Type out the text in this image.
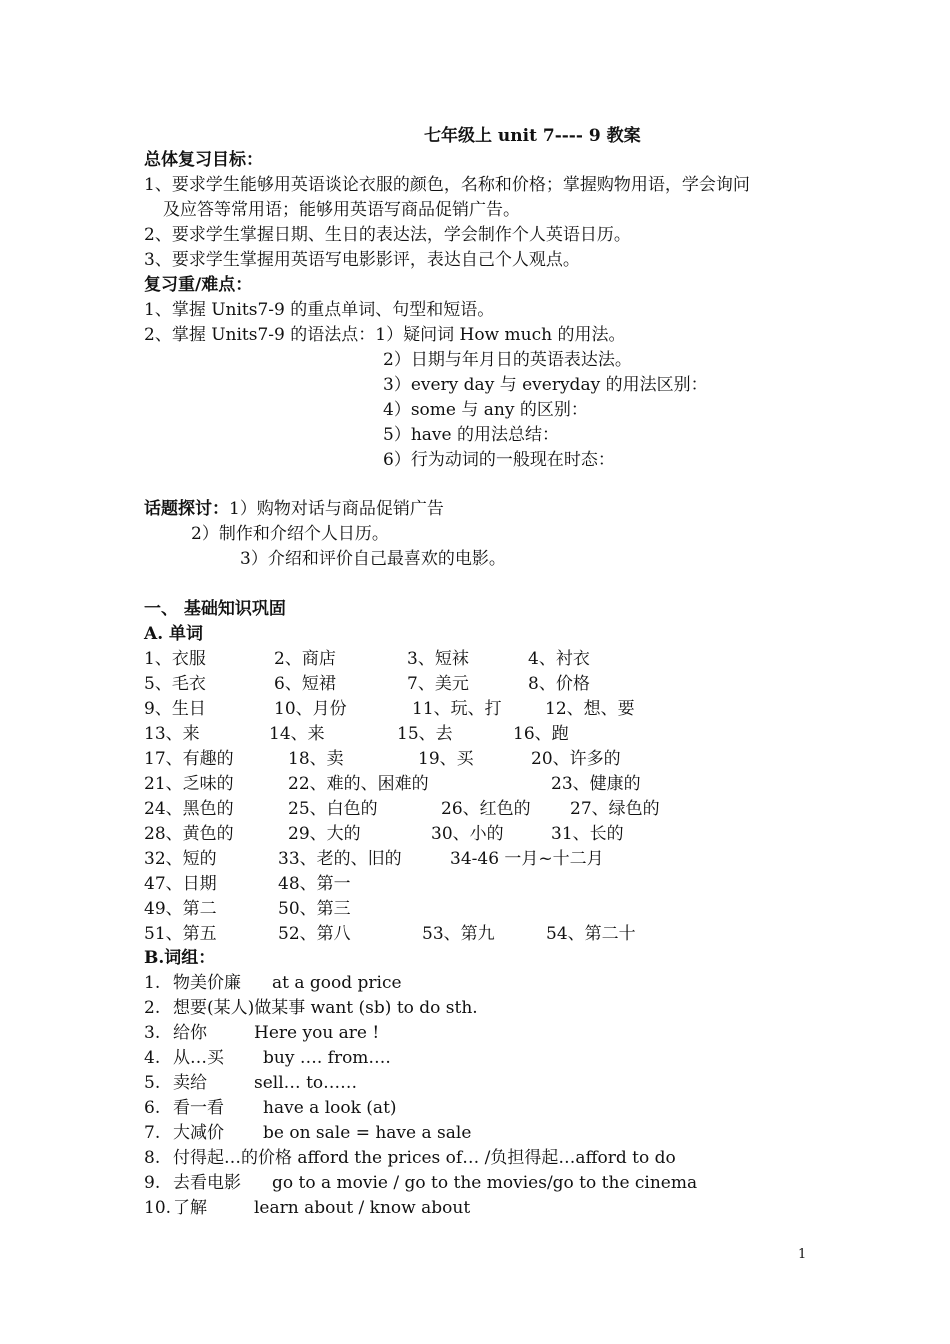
七年级上 unit 7---- 9 教案
总体复习目标：
1、要求学生能够用英语谈论衣服的颜色，名称和价格；掌握购物用语，学会询问
及应答等常用语；能够用英语写商品促销广告。
2、要求学生掌握日期、生日的表达法，学会制作个人英语日历。
3、要求学生掌握用英语写电影影评，表达自己个人观点。
复习重/难点：
1、掌握 Units7-9 的重点单词、句型和短语。
2、掌握 Units7-9 的语法点：1）疑问词 How much 的用法。
2）日期与年月日的英语表达法。
3）every day 与 everyday 的用法区别：
4）some 与 any 的区别：
5）have 的用法总结：
6）行为动词的一般现在时态：
话题探讨：1）购物对话与商品促销广告
2）制作和介绍个人日历。
3）介绍和评价自己最喜欢的电影。
一、 基础知识巩固
A. 单词
1、衣服	2、商店	3、短袜	4、衬衣
5、毛衣	6、短裙	7、美元	8、价格
9、生日	10、月份	11、玩、打	12、想、要
13、来	14、来	15、去	16、跑
17、有趣的	18、卖	19、买	20、许多的
21、乏味的	22、难的、困难的	23、健康的
24、黑色的	25、白色的	26、红色的 27、绿色的
28、黄色的	29、大的	30、小的	31、长的
32、短的	33、老的、旧的	34-46 一月~十二月
47、日期	48、第一
49、第二	50、第三
51、第五	52、第八	53、第九	54、第二十
B.词组：
1. 物美价廉 at a good price
2. 想要(某人)做某事 want (sb) to do sth.
3. 给你	Here you are !
4. 从…买 buy …. from….
5. 卖给	sell… to……
6. 看一看 have a look (at)
7. 大减价 be on sale = have a sale
8. 付得起…的价格 afford the prices of… /负担得起…afford to do
9. 去看电影 go to a movie / go to the movies/go to the cinema
10. 了解	learn about / know about
1
